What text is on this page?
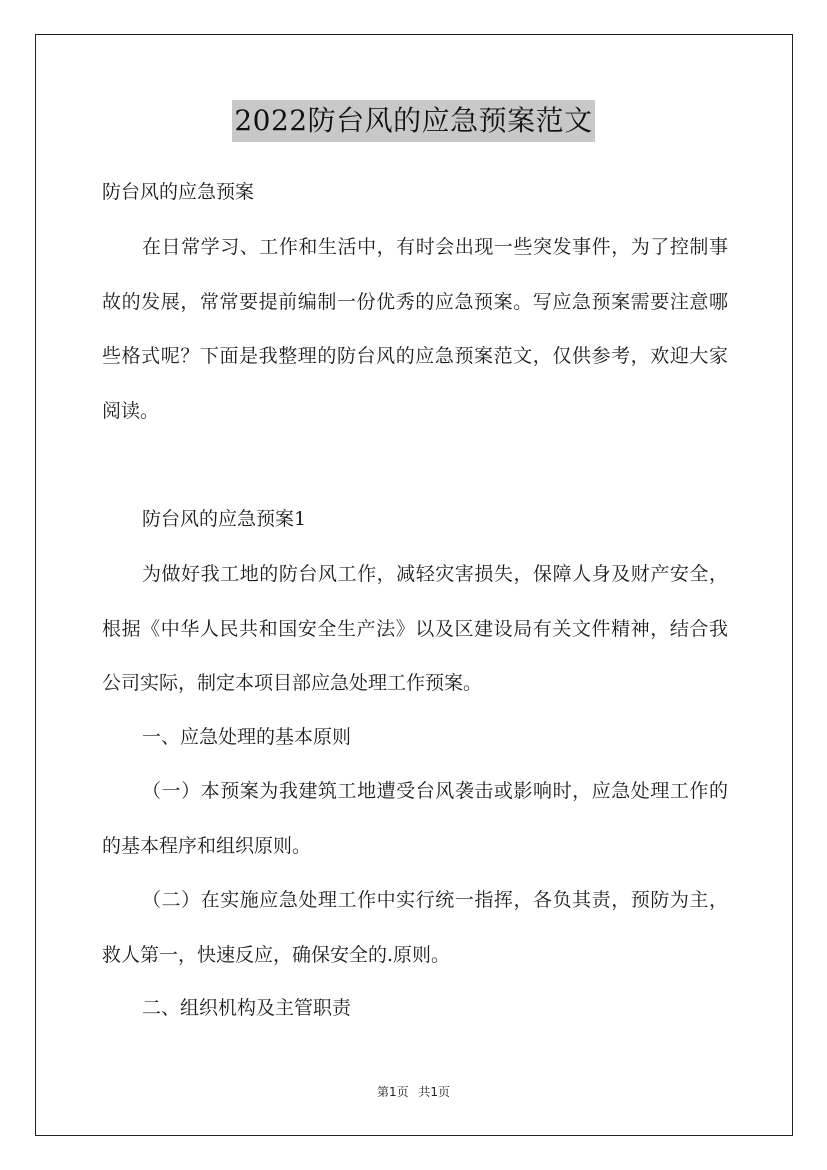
2022防台风的应急预案范文

防台风的应急预案

在日常学习、工作和生活中，有时会出现一些突发事件，为了控制事故的发展，常常要提前编制一份优秀的应急预案。写应急预案需要注意哪些格式呢？下面是我整理的防台风的应急预案范文，仅供参考，欢迎大家阅读。

防台风的应急预案1

为做好我工地的防台风工作，减轻灾害损失，保障人身及财产安全，根据《中华人民共和国安全生产法》以及区建设局有关文件精神，结合我公司实际，制定本项目部应急处理工作预案。

一、应急处理的基本原则

（一）本预案为我建筑工地遭受台风袭击或影响时，应急处理工作的的基本程序和组织原则。

（二）在实施应急处理工作中实行统一指挥，各负其责，预防为主，救人第一，快速反应，确保安全的.原则。

二、组织机构及主管职责

第1页 共1页
